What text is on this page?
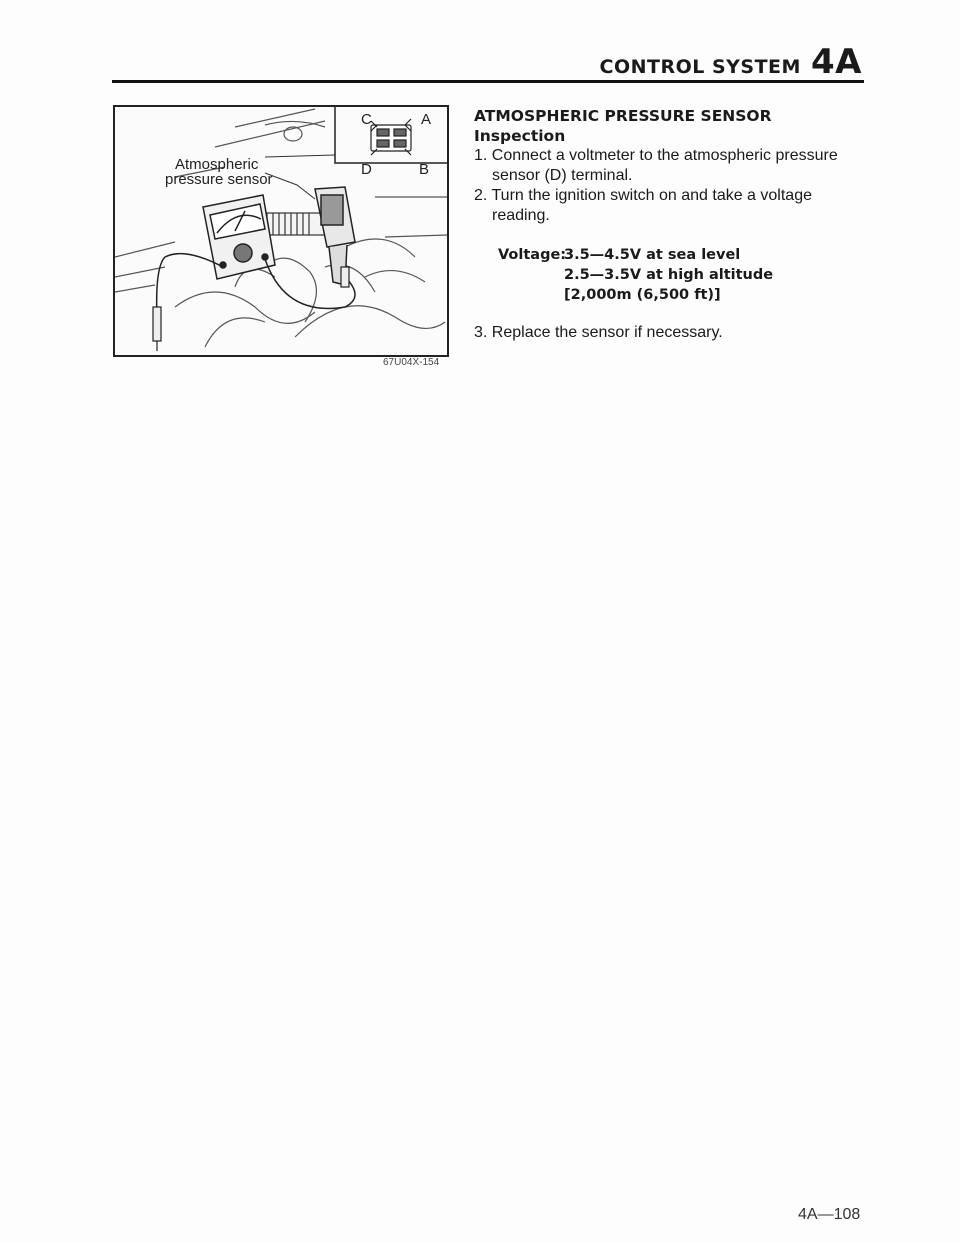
CONTROL SYSTEM 4A
Atmospheric
pressure sensor
C	A
D	B
67U04X-154

ATMOSPHERIC PRESSURE SENSOR

Inspection

1. Connect a voltmeter to the atmospheric pressure sensor (D) terminal.

2. Turn the ignition switch on and take a voltage reading.

Voltage:
3.5—4.5V at sea level
2.5—3.5V at high altitude
[2,000m (6,500 ft)]

3. Replace the sensor if necessary.

4A—108
